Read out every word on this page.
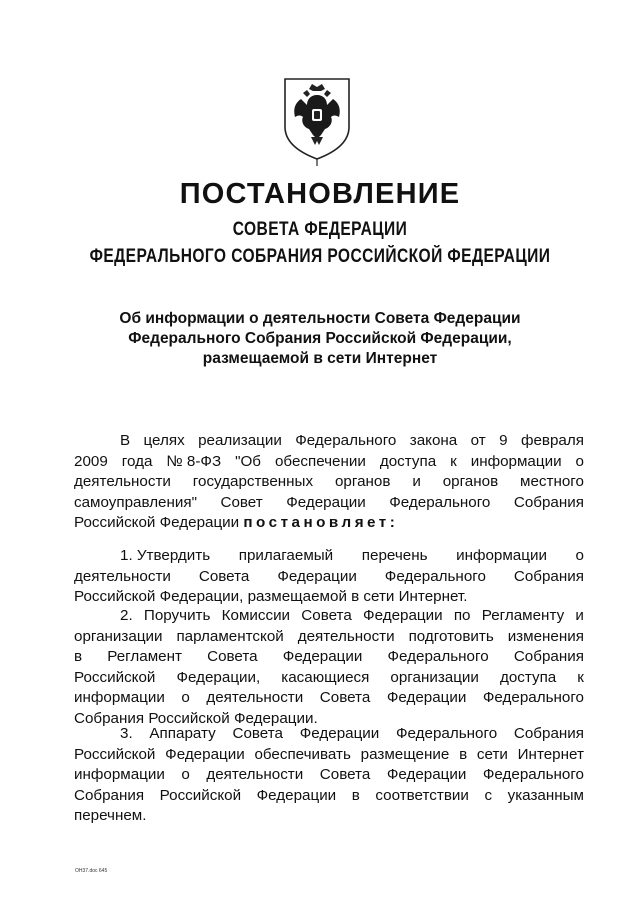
ПОСТАНОВЛЕНИЕ
СОВЕТА ФЕДЕРАЦИИ
ФЕДЕРАЛЬНОГО СОБРАНИЯ РОССИЙСКОЙ ФЕДЕРАЦИИ
Об информации о деятельности Совета Федерации
Федерального Собрания Российской Федерации,
размещаемой в сети Интернет
В целях реализации Федерального закона от 9 февраля
2009 года № 8-ФЗ "Об обеспечении доступа к информации о
деятельности государственных органов и органов местного
самоуправления" Совет Федерации Федерального Собрания
Российской Федерации постановляет:
1. Утвердить прилагаемый перечень информации о
деятельности Совета Федерации Федерального Собрания
Российской Федерации, размещаемой в сети Интернет.
2. Поручить Комиссии Совета Федерации по Регламенту и
организации парламентской деятельности подготовить изменения
в Регламент Совета Федерации Федерального Собрания
Российской Федерации, касающиеся организации доступа к
информации о деятельности Совета Федерации Федерального
Собрания Российской Федерации.
3. Аппарату Совета Федерации Федерального Собрания
Российской Федерации обеспечивать размещение в сети Интернет
информации о деятельности Совета Федерации Федерального
Собрания Российской Федерации в соответствии с указанным
перечнем.
ОН37.doc 645
